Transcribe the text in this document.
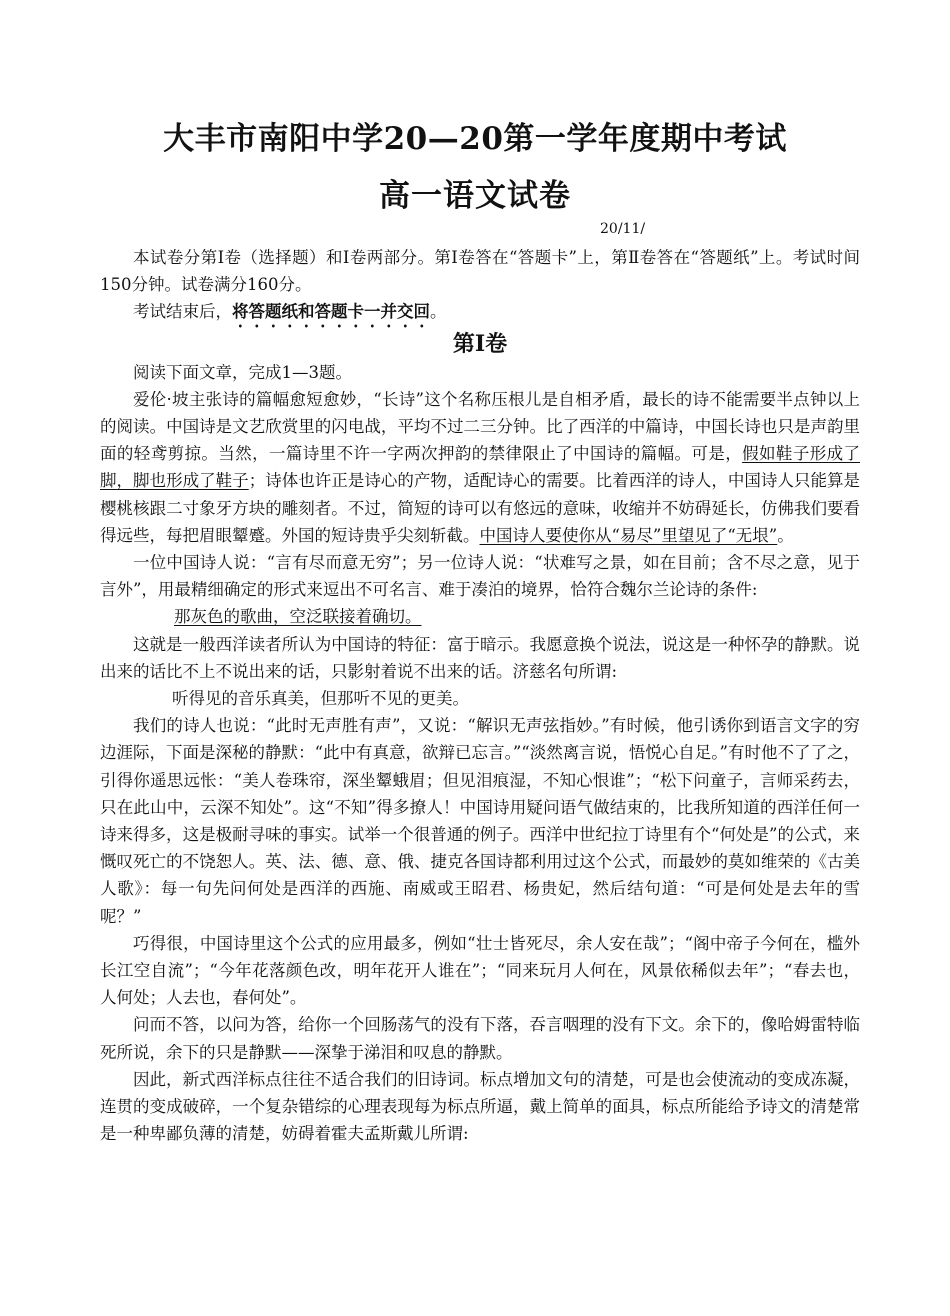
大丰市南阳中学20—20第一学年度期中考试
高一语文试卷
20/11/

本试卷分第Ⅰ卷（选择题）和Ⅰ卷两部分。第Ⅰ卷答在“答题卡”上，第Ⅱ卷答在“答题纸”上。考试时间150分钟。试卷满分160分。

考试结束后，将答题纸和答题卡一并交回。

第Ⅰ卷

阅读下面文章，完成1—3题。

爱伦·坡主张诗的篇幅愈短愈妙，“长诗”这个名称压根儿是自相矛盾，最长的诗不能需要半点钟以上的阅读。中国诗是文艺欣赏里的闪电战，平均不过二三分钟。比了西洋的中篇诗，中国长诗也只是声韵里面的轻鸢剪掠。当然，一篇诗里不许一字两次押韵的禁律限止了中国诗的篇幅。可是，假如鞋子形成了脚，脚也形成了鞋子；诗体也许正是诗心的产物，适配诗心的需要。比着西洋的诗人，中国诗人只能算是樱桃核跟二寸象牙方块的雕刻者。不过，简短的诗可以有悠远的意味，收缩并不妨碍延长，仿佛我们要看得远些，每把眉眼颦蹙。外国的短诗贵乎尖刻斩截。中国诗人要使你从“易尽”里望见了“无垠”。

一位中国诗人说：“言有尽而意无穷”；另一位诗人说：“状难写之景，如在目前；含不尽之意，见于言外”，用最精细确定的形式来逗出不可名言、难于凑泊的境界，恰符合魏尔兰论诗的条件:

那灰色的歌曲，空泛联接着确切。

这就是一般西洋读者所认为中国诗的特征：富于暗示。我愿意换个说法，说这是一种怀孕的静默。说出来的话比不上不说出来的话，只影射着说不出来的话。济慈名句所谓:

听得见的音乐真美，但那听不见的更美。

我们的诗人也说：“此时无声胜有声”，又说：“解识无声弦指妙。”有时候，他引诱你到语言文字的穷边涯际，下面是深秘的静默：“此中有真意，欲辩已忘言。”“淡然离言说，悟悦心自足。”有时他不了了之，引得你遥思远怅：“美人卷珠帘，深坐颦蛾眉；但见泪痕湿，不知心恨谁”；“松下问童子，言师采药去，只在此山中，云深不知处”。这“不知”得多撩人！中国诗用疑问语气做结束的，比我所知道的西洋任何一诗来得多，这是极耐寻味的事实。试举一个很普通的例子。西洋中世纪拉丁诗里有个“何处是”的公式，来慨叹死亡的不饶恕人。英、法、德、意、俄、捷克各国诗都利用过这个公式，而最妙的莫如维荣的《古美人歌》：每一句先问何处是西洋的西施、南威或王昭君、杨贵妃，然后结句道：“可是何处是去年的雪呢？”

巧得很，中国诗里这个公式的应用最多，例如“壮士皆死尽，余人安在哉”；“阁中帝子今何在，槛外长江空自流”；“今年花落颜色改，明年花开人谁在”；“同来玩月人何在，风景依稀似去年”；“春去也，人何处；人去也，春何处”。

问而不答，以问为答，给你一个回肠荡气的没有下落，吞言咽理的没有下文。余下的，像哈姆雷特临死所说，余下的只是静默——深挚于涕泪和叹息的静默。

因此，新式西洋标点往往不适合我们的旧诗词。标点增加文句的清楚，可是也会使流动的变成冻凝，连贯的变成破碎，一个复杂错综的心理表现每为标点所逼，戴上简单的面具，标点所能给予诗文的清楚常是一种卑鄙负薄的清楚，妨碍着霍夫孟斯戴儿所谓:
